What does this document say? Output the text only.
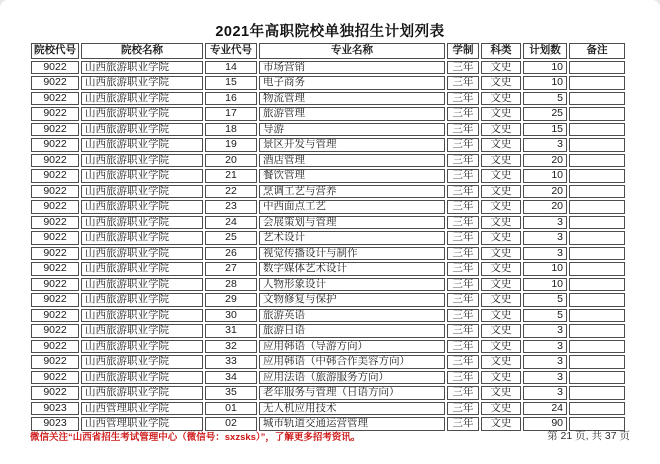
2021年高职院校单独招生计划列表
院校代号	院校名称	专业代号	专业名称	学制	科类	计划数	备注
9022	山西旅游职业学院	14	市场营销	三年	文史	10	
9022	山西旅游职业学院	15	电子商务	三年	文史	10	
9022	山西旅游职业学院	16	物流管理	三年	文史	5	
9022	山西旅游职业学院	17	旅游管理	三年	文史	25	
9022	山西旅游职业学院	18	导游	三年	文史	15	
9022	山西旅游职业学院	19	景区开发与管理	三年	文史	3	
9022	山西旅游职业学院	20	酒店管理	三年	文史	20	
9022	山西旅游职业学院	21	餐饮管理	三年	文史	10	
9022	山西旅游职业学院	22	烹调工艺与营养	三年	文史	20	
9022	山西旅游职业学院	23	中西面点工艺	三年	文史	20	
9022	山西旅游职业学院	24	会展策划与管理	三年	文史	3	
9022	山西旅游职业学院	25	艺术设计	三年	文史	3	
9022	山西旅游职业学院	26	视觉传播设计与制作	三年	文史	3	
9022	山西旅游职业学院	27	数字媒体艺术设计	三年	文史	10	
9022	山西旅游职业学院	28	人物形象设计	三年	文史	10	
9022	山西旅游职业学院	29	文物修复与保护	三年	文史	5	
9022	山西旅游职业学院	30	旅游英语	三年	文史	5	
9022	山西旅游职业学院	31	旅游日语	三年	文史	3	
9022	山西旅游职业学院	32	应用韩语（导游方向）	三年	文史	3	
9022	山西旅游职业学院	33	应用韩语（中韩合作美容方向）	三年	文史	3	
9022	山西旅游职业学院	34	应用法语（旅游服务方向）	三年	文史	3	
9022	山西旅游职业学院	35	老年服务与管理（日语方向）	三年	文史	3	
9023	山西管理职业学院	01	无人机应用技术	三年	文史	24	
9023	山西管理职业学院	02	城市轨道交通运营管理	三年	文史	90	
微信关注“山西省招生考试管理中心（微信号：sxzsks）”，了解更多招考资讯。	第 21 页, 共 37 页
